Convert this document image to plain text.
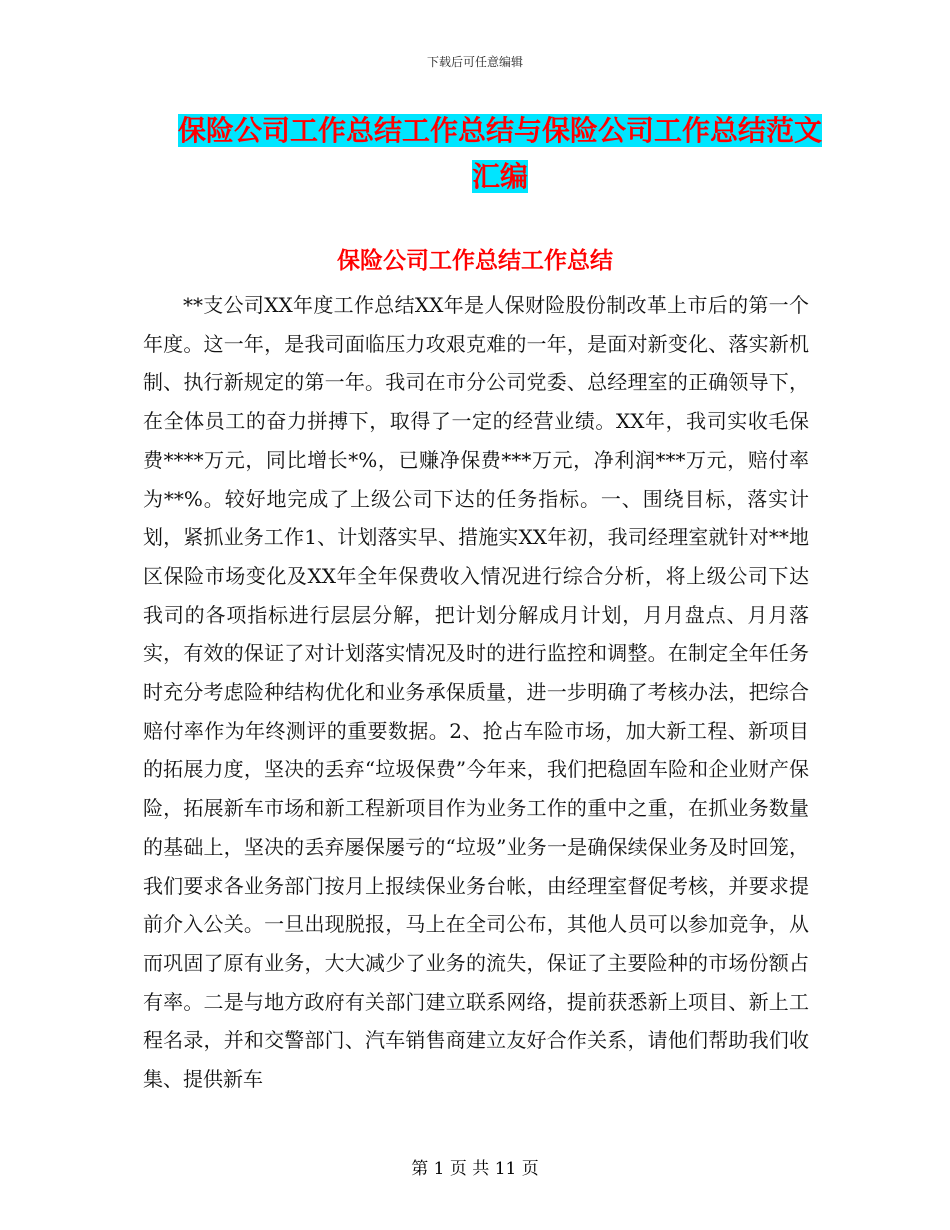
下载后可任意编辑
保险公司工作总结工作总结与保险公司工作总结范文
汇编
保险公司工作总结工作总结

**支公司XX年度工作总结XX年是人保财险股份制改革上市后的第一个年度。这一年，是我司面临压力攻艰克难的一年，是面对新变化、落实新机制、执行新规定的第一年。我司在市分公司党委、总经理室的正确领导下，在全体员工的奋力拼搏下，取得了一定的经营业绩。XX年，我司实收毛保费****万元，同比增长*%，已赚净保费***万元，净利润***万元，赔付率为**%。较好地完成了上级公司下达的任务指标。一、围绕目标，落实计划，紧抓业务工作1、计划落实早、措施实XX年初，我司经理室就针对**地区保险市场变化及XX年全年保费收入情况进行综合分析，将上级公司下达我司的各项指标进行层层分解，把计划分解成月计划，月月盘点、月月落实，有效的保证了对计划落实情况及时的进行监控和调整。在制定全年任务时充分考虑险种结构优化和业务承保质量，进一步明确了考核办法，把综合赔付率作为年终测评的重要数据。2、抢占车险市场，加大新工程、新项目的拓展力度，坚决的丢弃“垃圾保费”今年来，我们把稳固车险和企业财产保险，拓展新车市场和新工程新项目作为业务工作的重中之重，在抓业务数量的基础上，坚决的丢弃屡保屡亏的“垃圾”业务一是确保续保业务及时回笼，我们要求各业务部门按月上报续保业务台帐，由经理室督促考核，并要求提前介入公关。一旦出现脱报，马上在全司公布，其他人员可以参加竞争，从而巩固了原有业务，大大减少了业务的流失，保证了主要险种的市场份额占有率。二是与地方政府有关部门建立联系网络，提前获悉新上项目、新上工程名录，并和交警部门、汽车销售商建立友好合作关系，请他们帮助我们收集、提供新车

第 1 页 共 11 页
